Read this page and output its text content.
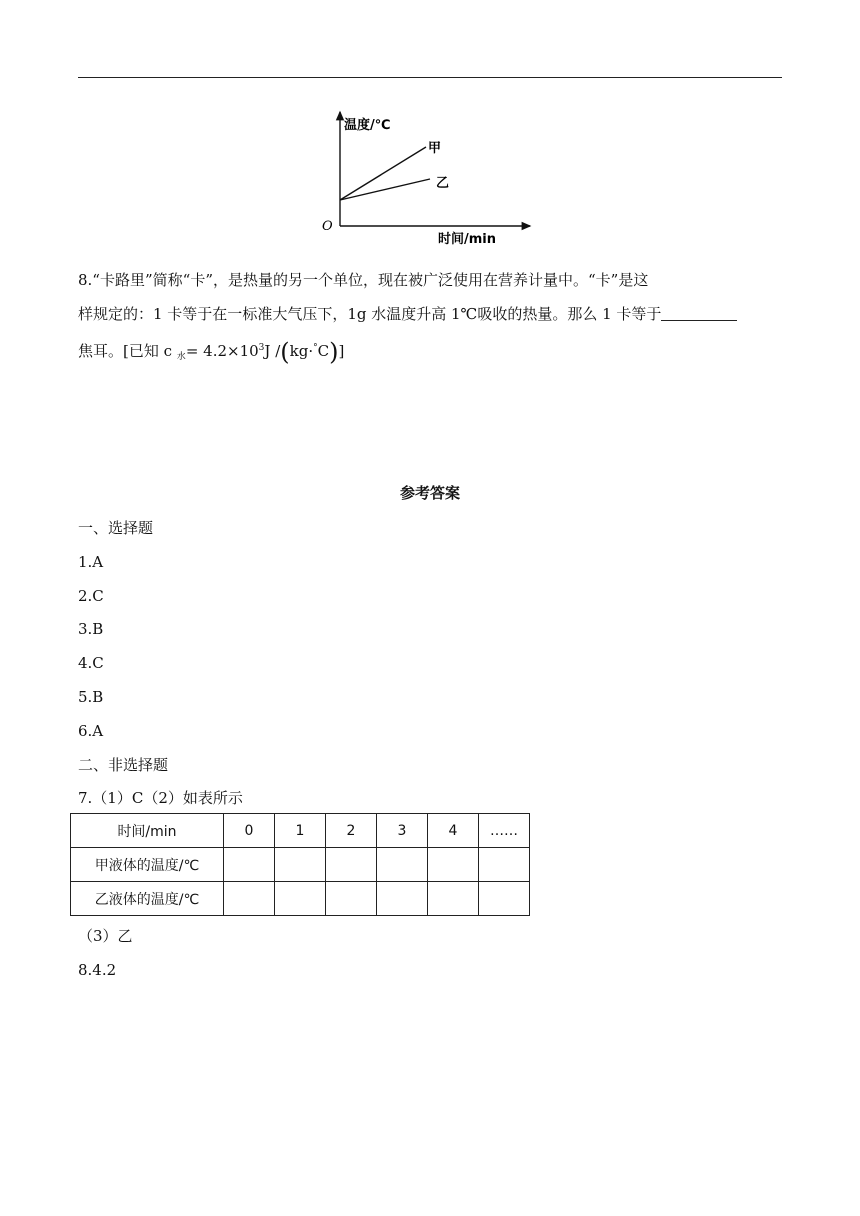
温度/℃
甲
乙
O
时间/min
8.“卡路里”简称“卡”，是热量的另一个单位，现在被广泛使用在营养计量中。“卡”是这
样规定的：1 卡等于在一标准大气压下，1g 水温度升高 1℃吸收的热量。那么 1 卡等于
焦耳。[已知 c $_水= 4.2\times 10^3J$ /(kg·°C)]
参考答案
一、选择题
1.A
2.C
3.B
4.C
5.B
6.A
二、非选择题
7.（1）C（2）如表所示
时间/min	0	1	2	3	4	……
甲液体的温度/℃						
乙液体的温度/℃						
（3）乙
8.4.2
